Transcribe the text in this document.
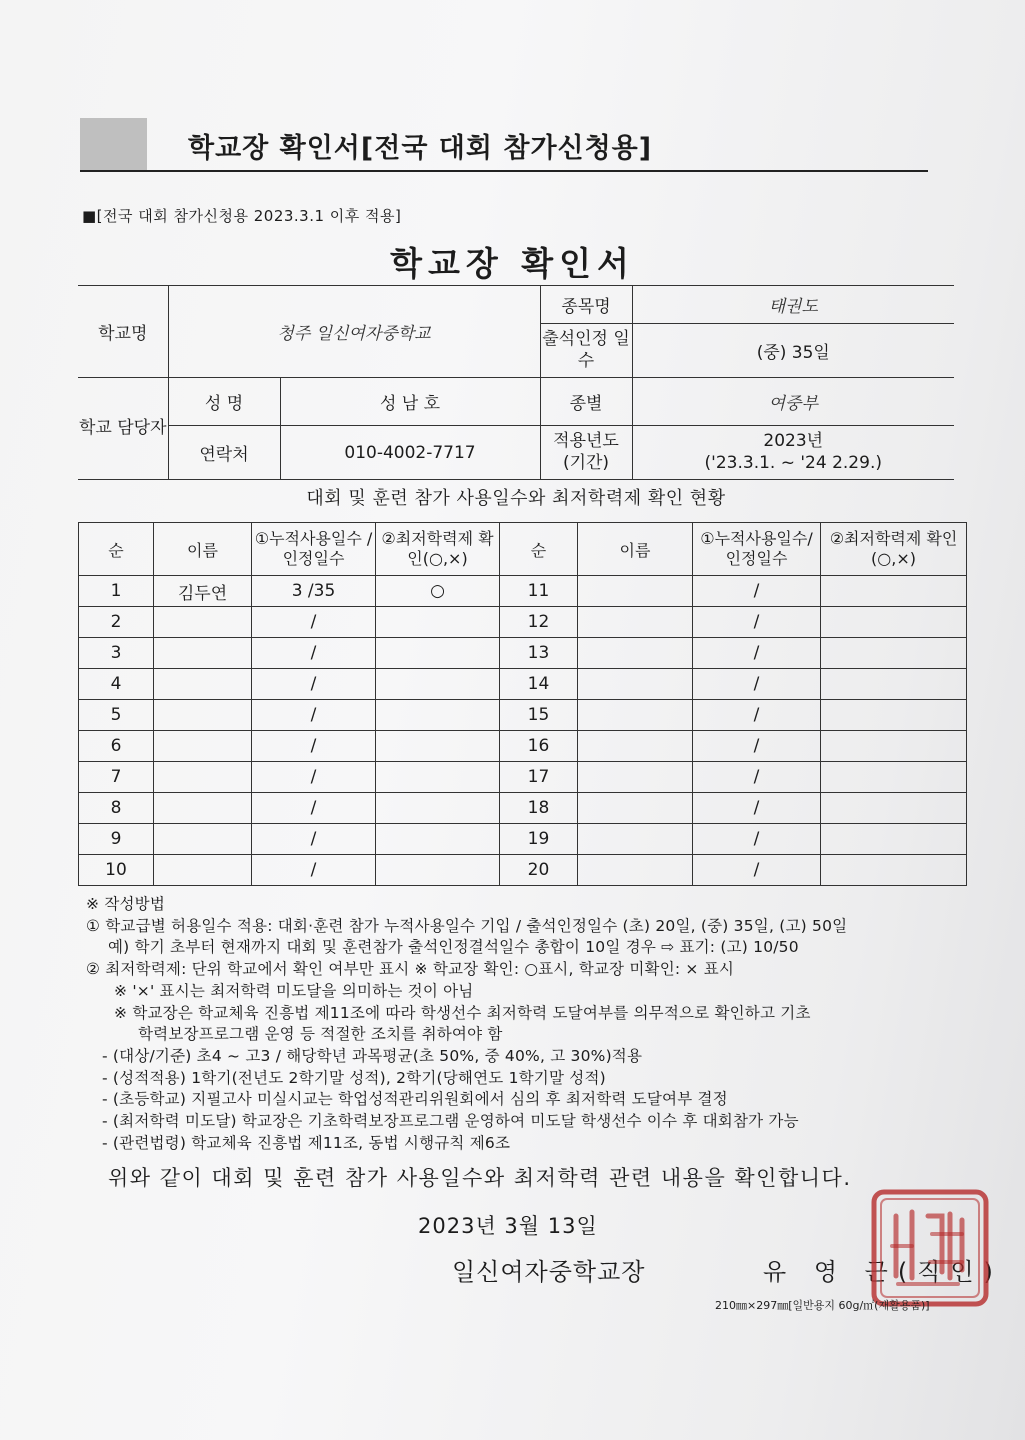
학교장 확인서[전국 대회 참가신청용]
■[전국 대회 참가신청용 2023.3.1 이후 적용]
학교장 확인서
학교명	청주 일신여자중학교		종목명	태권도
			출석인정 일수	(중) 35일
학교 담당자	성 명	성 남 호	종별	여중부
	연락처	010-4002-7717	적용년도 (기간)	2023년
('23.3.1. ~ '24 2.29.)
대회 및 훈련 참가 사용일수와 최저학력제 확인 현황
순	이름	①누적사용일수 /인정일수	②최저학력제 확인(○,×)	순	이름	①누적사용일수/ 인정일수	②최저학력제 확인(○,×)
1	김두연	3 /35	○	11		/	
2		/		12		/	
3		/		13		/	
4		/		14		/	
5		/		15		/	
6		/		16		/	
7		/		17		/	
8		/		18		/	
9		/		19		/	
10		/		20		/	
※ 작성방법
① 학교급별 허용일수 적용: 대회·훈련 참가 누적사용일수 기입 / 출석인정일수 (초) 20일, (중) 35일, (고) 50일
예) 학기 초부터 현재까지 대회 및 훈련참가 출석인정결석일수 총합이 10일 경우 ⇨ 표기: (고) 10/50
② 최저학력제: 단위 학교에서 확인 여부만 표시 ※ 학교장 확인: ○표시, 학교장 미확인: × 표시
※ '×' 표시는 최저학력 미도달을 의미하는 것이 아님
※ 학교장은 학교체육 진흥법 제11조에 따라 학생선수 최저학력 도달여부를 의무적으로 확인하고 기초
학력보장프로그램 운영 등 적절한 조치를 취하여야 함
- (대상/기준) 초4 ~ 고3 / 해당학년 과목평균(초 50%, 중 40%, 고 30%)적용
- (성적적용) 1학기(전년도 2학기말 성적), 2학기(당해연도 1학기말 성적)
- (초등학교) 지필고사 미실시교는 학업성적관리위원회에서 심의 후 최저학력 도달여부 결정
- (최저학력 미도달) 학교장은 기초학력보장프로그램 운영하여 미도달 학생선수 이수 후 대회참가 가능
- (관련법령) 학교체육 진흥법 제11조, 동법 시행규칙 제6조
위와 같이 대회 및 훈련 참가 사용일수와 최저학력 관련 내용을 확인합니다.
2023년 3월 13일
일신여자중학교장	유 영 근(직인)
210㎜×297㎜[일반용지 60g/㎡(재활용품)]
